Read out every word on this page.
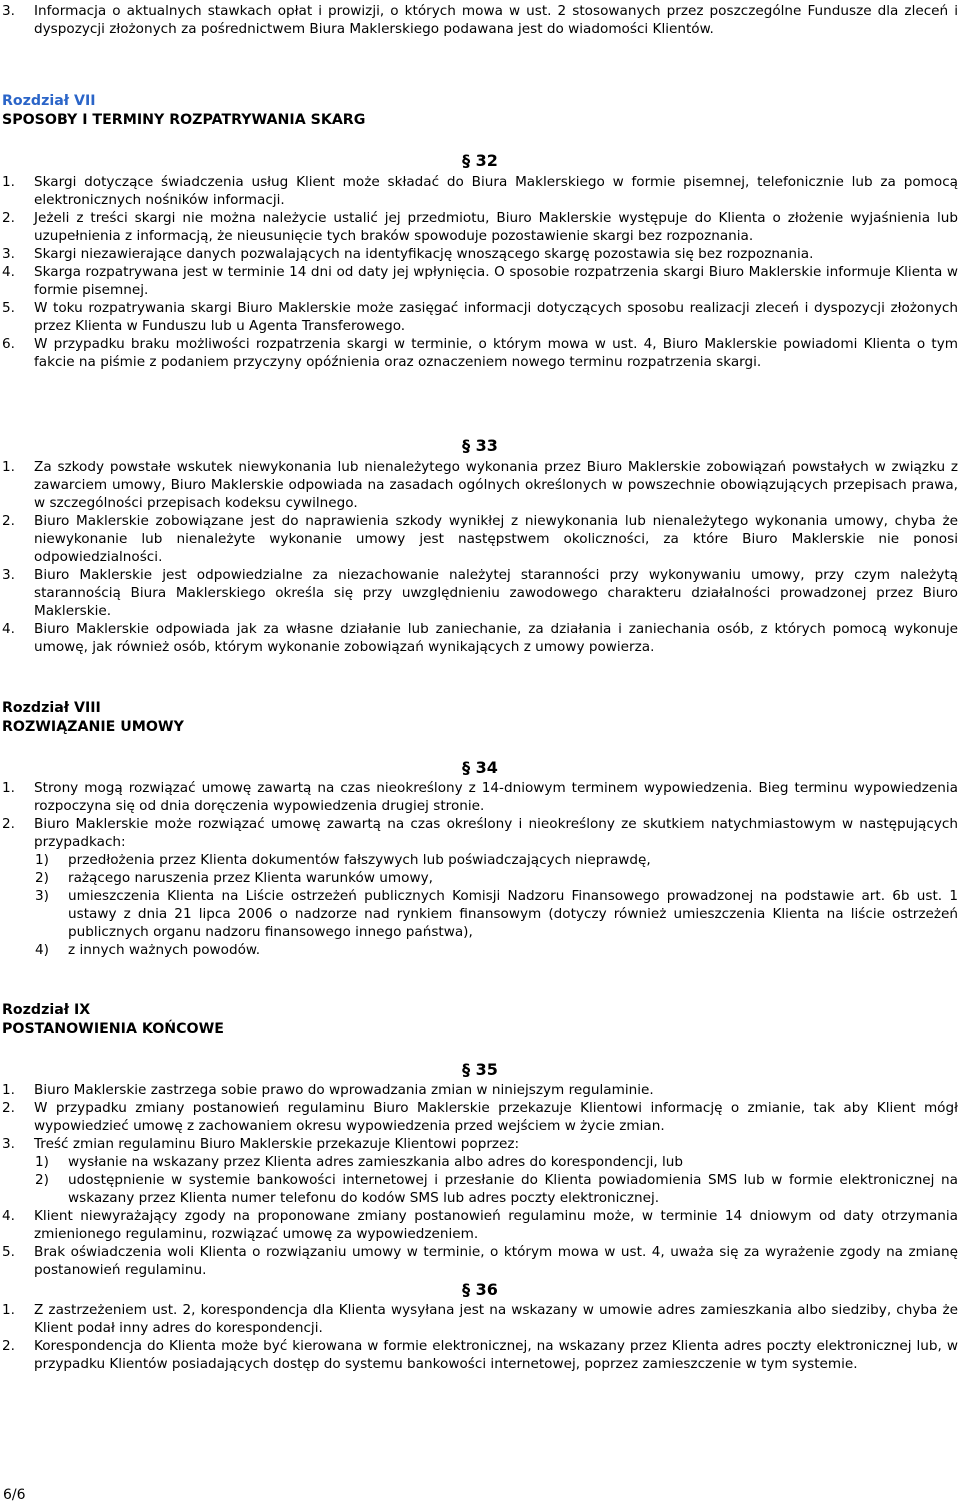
3. Informacja o aktualnych stawkach opłat i prowizji, o których mowa w ust. 2 stosowanych przez poszczególne Fundusze dla zleceń i dyspozycji złożonych za pośrednictwem Biura Maklerskiego podawana jest do wiadomości Klientów.
Rozdział VII
SPOSOBY I TERMINY ROZPATRYWANIA SKARG
§ 32
1. Skargi dotyczące świadczenia usług Klient może składać do Biura Maklerskiego w formie pisemnej, telefonicznie lub za pomocą elektronicznych nośników informacji.
2. Jeżeli z treści skargi nie można należycie ustalić jej przedmiotu, Biuro Maklerskie występuje do Klienta o złożenie wyjaśnienia lub uzupełnienia z informacją, że nieusunięcie tych braków spowoduje pozostawienie skargi bez rozpoznania.
3. Skargi niezawierające danych pozwalających na identyfikację wnoszącego skargę pozostawia się bez rozpoznania.
4. Skarga rozpatrywana jest w terminie 14 dni od daty jej wpłynięcia. O sposobie rozpatrzenia skargi Biuro Maklerskie informuje Klienta w formie pisemnej.
5. W toku rozpatrywania skargi Biuro Maklerskie może zasięgać informacji dotyczących sposobu realizacji zleceń i dyspozycji złożonych przez Klienta w Funduszu lub u Agenta Transferowego.
6. W przypadku braku możliwości rozpatrzenia skargi w terminie, o którym mowa w ust. 4, Biuro Maklerskie powiadomi Klienta o tym fakcie na piśmie z podaniem przyczyny opóźnienia oraz oznaczeniem nowego terminu rozpatrzenia skargi.
§ 33
1. Za szkody powstałe wskutek niewykonania lub nienależytego wykonania przez Biuro Maklerskie zobowiązań powstałych w związku z zawarciem umowy, Biuro Maklerskie odpowiada na zasadach ogólnych określonych w powszechnie obowiązujących przepisach prawa, w szczególności przepisach kodeksu cywilnego.
2. Biuro Maklerskie zobowiązane jest do naprawienia szkody wynikłej z niewykonania lub nienależytego wykonania umowy, chyba że niewykonanie lub nienależyte wykonanie umowy jest następstwem okoliczności, za które Biuro Maklerskie nie ponosi odpowiedzialności.
3. Biuro Maklerskie jest odpowiedzialne za niezachowanie należytej staranności przy wykonywaniu umowy, przy czym należytą starannością Biura Maklerskiego określa się przy uwzględnieniu zawodowego charakteru działalności prowadzonej przez Biuro Maklerskie.
4. Biuro Maklerskie odpowiada jak za własne działanie lub zaniechanie, za działania i zaniechania osób, z których pomocą wykonuje umowę, jak również osób, którym wykonanie zobowiązań wynikających z umowy powierza.
Rozdział VIII
ROZWIĄZANIE UMOWY
§ 34
1. Strony mogą rozwiązać umowę zawartą na czas nieokreślony z 14-dniowym terminem wypowiedzenia. Bieg terminu wypowiedzenia rozpoczyna się od dnia doręczenia wypowiedzenia drugiej stronie.
2. Biuro Maklerskie może rozwiązać umowę zawartą na czas określony i nieokreślony ze skutkiem natychmiastowym w następujących przypadkach:
1) przedłożenia przez Klienta dokumentów fałszywych lub poświadczających nieprawdę,
2) rażącego naruszenia przez Klienta warunków umowy,
3) umieszczenia Klienta na Liście ostrzeżeń publicznych Komisji Nadzoru Finansowego prowadzonej na podstawie art. 6b ust. 1 ustawy z dnia 21 lipca 2006 o nadzorze nad rynkiem finansowym (dotyczy również umieszczenia Klienta na liście ostrzeżeń publicznych organu nadzoru finansowego innego państwa),
4) z innych ważnych powodów.
Rozdział IX
POSTANOWIENIA KOŃCOWE
§ 35
1. Biuro Maklerskie zastrzega sobie prawo do wprowadzania zmian w niniejszym regulaminie.
2. W przypadku zmiany postanowień regulaminu Biuro Maklerskie przekazuje Klientowi informację o zmianie, tak aby Klient mógł wypowiedzieć umowę z zachowaniem okresu wypowiedzenia przed wejściem w życie zmian.
3. Treść zmian regulaminu Biuro Maklerskie przekazuje Klientowi poprzez:
1) wysłanie na wskazany przez Klienta adres zamieszkania albo adres do korespondencji, lub
2) udostępnienie w systemie bankowości internetowej i przesłanie do Klienta powiadomienia SMS lub w formie elektronicznej na wskazany przez Klienta numer telefonu do kodów SMS lub adres poczty elektronicznej.
4. Klient niewyrażający zgody na proponowane zmiany postanowień regulaminu może, w terminie 14 dniowym od daty otrzymania zmienionego regulaminu, rozwiązać umowę za wypowiedzeniem.
5. Brak oświadczenia woli Klienta o rozwiązaniu umowy w terminie, o którym mowa w ust. 4, uważa się za wyrażenie zgody na zmianę postanowień regulaminu.
§ 36
1. Z zastrzeżeniem ust. 2, korespondencja dla Klienta wysyłana jest na wskazany w umowie adres zamieszkania albo siedziby, chyba że Klient podał inny adres do korespondencji.
2. Korespondencja do Klienta może być kierowana w formie elektronicznej, na wskazany przez Klienta adres poczty elektronicznej lub, w przypadku Klientów posiadających dostęp do systemu bankowości internetowej, poprzez zamieszczenie w tym systemie.
6/6
